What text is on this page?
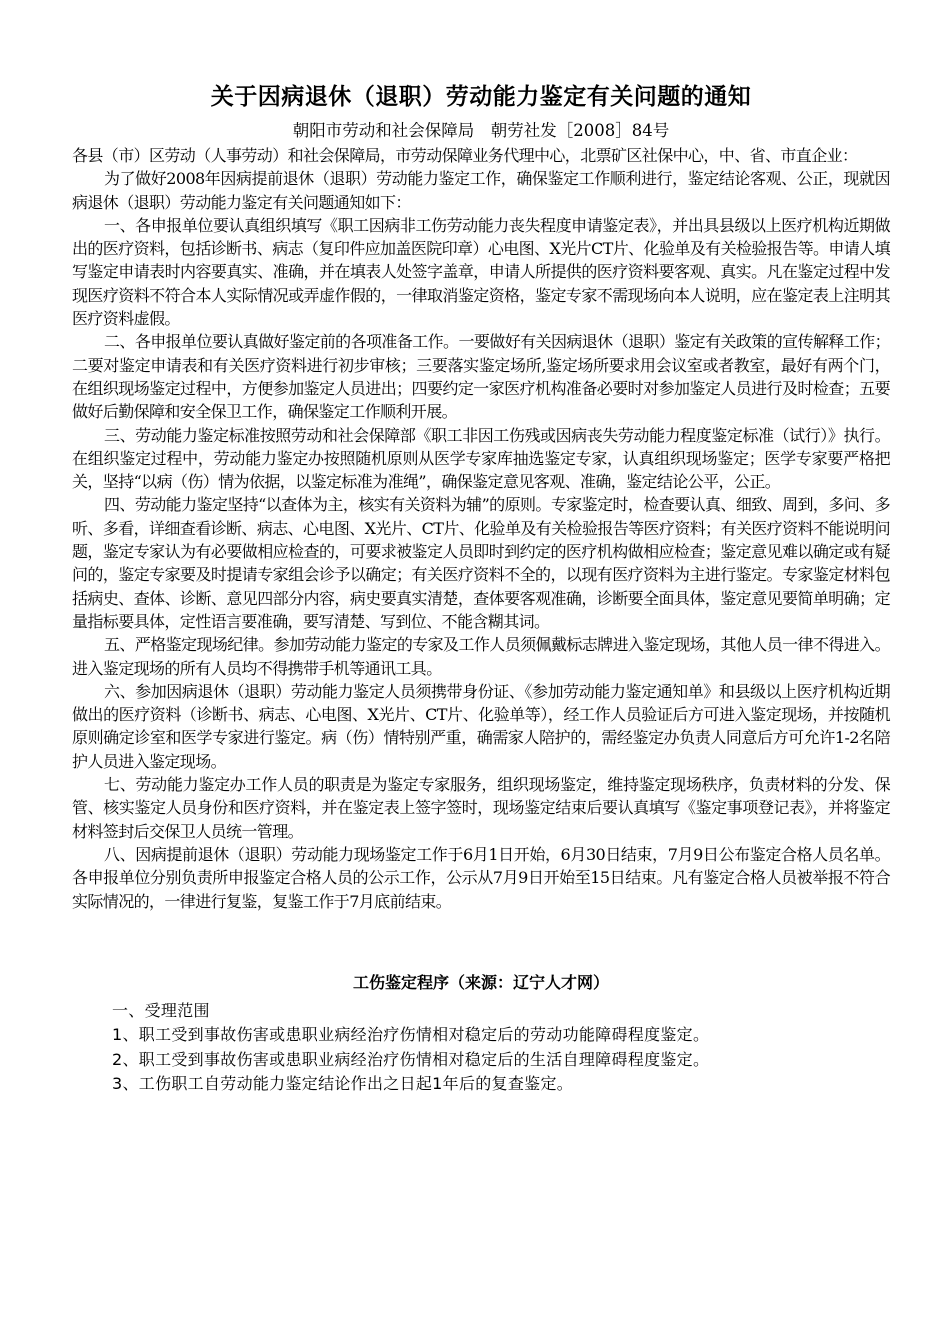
关于因病退休（退职）劳动能力鉴定有关问题的通知
朝阳市劳动和社会保障局　朝劳社发［2008］84号

各县（市）区劳动（人事劳动）和社会保障局，市劳动保障业务代理中心，北票矿区社保中心，中、省、市直企业：

为了做好2008年因病提前退休（退职）劳动能力鉴定工作，确保鉴定工作顺利进行，鉴定结论客观、公正，现就因病退休（退职）劳动能力鉴定有关问题通知如下：

一、各申报单位要认真组织填写《职工因病非工伤劳动能力丧失程度申请鉴定表》，并出具县级以上医疗机构近期做出的医疗资料，包括诊断书、病志（复印件应加盖医院印章）心电图、X光片CT片、化验单及有关检验报告等。申请人填写鉴定申请表时内容要真实、准确，并在填表人处签字盖章，申请人所提供的医疗资料要客观、真实。凡在鉴定过程中发现医疗资料不符合本人实际情况或弄虚作假的，一律取消鉴定资格，鉴定专家不需现场向本人说明，应在鉴定表上注明其医疗资料虚假。

二、各申报单位要认真做好鉴定前的各项准备工作。一要做好有关因病退休（退职）鉴定有关政策的宣传解释工作；二要对鉴定申请表和有关医疗资料进行初步审核；三要落实鉴定场所,鉴定场所要求用会议室或者教室，最好有两个门，在组织现场鉴定过程中，方便参加鉴定人员进出；四要约定一家医疗机构准备必要时对参加鉴定人员进行及时检查；五要做好后勤保障和安全保卫工作，确保鉴定工作顺利开展。

三、劳动能力鉴定标准按照劳动和社会保障部《职工非因工伤残或因病丧失劳动能力程度鉴定标准（试行）》执行。在组织鉴定过程中，劳动能力鉴定办按照随机原则从医学专家库抽选鉴定专家，认真组织现场鉴定；医学专家要严格把关，坚持“以病（伤）情为依据，以鉴定标准为准绳”，确保鉴定意见客观、准确，鉴定结论公平，公正。

四、劳动能力鉴定坚持“以查体为主，核实有关资料为辅”的原则。专家鉴定时，检查要认真、细致、周到，多问、多听、多看，详细查看诊断、病志、心电图、X光片、CT片、化验单及有关检验报告等医疗资料；有关医疗资料不能说明问题，鉴定专家认为有必要做相应检查的，可要求被鉴定人员即时到约定的医疗机构做相应检查；鉴定意见难以确定或有疑问的，鉴定专家要及时提请专家组会诊予以确定；有关医疗资料不全的，以现有医疗资料为主进行鉴定。专家鉴定材料包括病史、查体、诊断、意见四部分内容，病史要真实清楚，查体要客观准确，诊断要全面具体，鉴定意见要简单明确；定量指标要具体，定性语言要准确，要写清楚、写到位、不能含糊其词。

五、严格鉴定现场纪律。参加劳动能力鉴定的专家及工作人员须佩戴标志牌进入鉴定现场，其他人员一律不得进入。进入鉴定现场的所有人员均不得携带手机等通讯工具。

六、参加因病退休（退职）劳动能力鉴定人员须携带身份证、《参加劳动能力鉴定通知单》和县级以上医疗机构近期做出的医疗资料（诊断书、病志、心电图、X光片、CT片、化验单等），经工作人员验证后方可进入鉴定现场，并按随机原则确定诊室和医学专家进行鉴定。病（伤）情特别严重，确需家人陪护的，需经鉴定办负责人同意后方可允许1-2名陪护人员进入鉴定现场。

七、劳动能力鉴定办工作人员的职责是为鉴定专家服务，组织现场鉴定，维持鉴定现场秩序，负责材料的分发、保管、核实鉴定人员身份和医疗资料，并在鉴定表上签字签时，现场鉴定结束后要认真填写《鉴定事项登记表》，并将鉴定材料签封后交保卫人员统一管理。

八、因病提前退休（退职）劳动能力现场鉴定工作于6月1日开始，6月30日结束，7月9日公布鉴定合格人员名单。各申报单位分别负责所申报鉴定合格人员的公示工作，公示从7月9日开始至15日结束。凡有鉴定合格人员被举报不符合实际情况的，一律进行复鉴，复鉴工作于7月底前结束。

工伤鉴定程序（来源：辽宁人才网）
一、受理范围
1、职工受到事故伤害或患职业病经治疗伤情相对稳定后的劳动功能障碍程度鉴定。
2、职工受到事故伤害或患职业病经治疗伤情相对稳定后的生活自理障碍程度鉴定。
3、工伤职工自劳动能力鉴定结论作出之日起1年后的复查鉴定。
